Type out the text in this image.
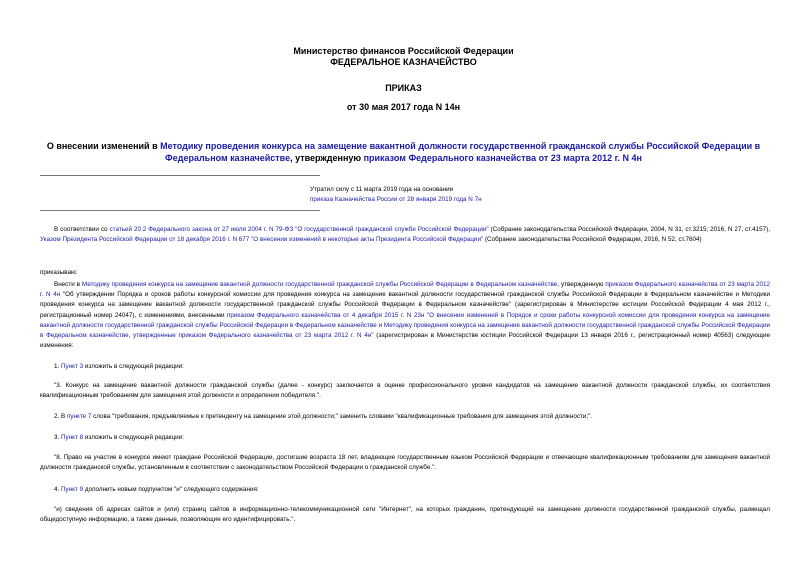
Министерство финансов Российской Федерации
ФЕДЕРАЛЬНОЕ КАЗНАЧЕЙСТВО
ПРИКАЗ
от 30 мая 2017 года N 14н
О внесении изменений в Методику проведения конкурса на замещение вакантной должности государственной гражданской службы Российской Федерации в Федеральном казначействе, утвержденную приказом Федерального казначейства от 23 марта 2012 г. N 4н
Утратил силу с 11 марта 2019 года на основании
приказа Казначейства России от 28 января 2019 года N 7н
В соответствии со статьей 20.2 Федерального закона от 27 июля 2004 г. N 79-ФЗ "О государственной гражданской службе Российской Федерации" (Собрание законодательства Российской Федерации, 2004, N 31, ст.3215; 2016, N 27, ст.4157), Указом Президента Российской Федерации от 18 декабря 2016 г. N 677 "О внесении изменений в некоторые акты Президента Российской Федерации" (Собрание законодательства Российской Федерации, 2016, N 52, ст.7604)
приказываю:
Внести в Методику проведения конкурса на замещение вакантной должности государственной гражданской службы Российской Федерации в Федеральном казначействе, утвержденную приказом Федерального казначейства от 23 марта 2012 г. N 4н "Об утверждении Порядка и сроков работы конкурсной комиссии для проведения конкурса на замещение вакантной должности государственной гражданской службы Российской Федерации в Федеральном казначействе и Методики проведения конкурса на замещение вакантной должности государственной гражданской службы Российской Федерации в Федеральном казначействе" (зарегистрирован в Министерстве юстиции Российской Федерации 4 мая 2012 г., регистрационный номер 24047), с изменениями, внесенными приказом Федерального казначейства от 4 декабря 2015 г. N 23н "О внесении изменений в Порядок и сроки работы конкурсной комиссии для проведения конкурса на замещение вакантной должности государственной гражданской службы Российской Федерации в Федеральном казначействе и Методику проведения конкурса на замещение вакантной должности государственной гражданской службы Российской Федерации в Федеральном казначействе, утвержденные приказом Федерального казначейства от 23 марта 2012 г. N 4н" (зарегистрирован в Министерстве юстиции Российской Федерации 13 января 2016 г., регистрационный номер 40563) следующие изменения:
1. Пункт 3 изложить в следующей редакции:
"3. Конкурс на замещение вакантной должности гражданской службы (далее - конкурс) заключается в оценке профессионального уровня кандидатов на замещение вакантной должности гражданской службы, их соответствия квалификационным требованиям для замещения этой должности и определении победителя.".
2. В пункте 7 слова "требования, предъявляемые к претенденту на замещение этой должности;" заменить словами "квалификационные требования для замещения этой должности;".
3. Пункт 8 изложить в следующей редакции:
"8. Право на участие в конкурсе имеют граждане Российской Федерации, достигшие возраста 18 лет, владеющие государственным языком Российской Федерации и отвечающие квалификационным требованиям для замещения вакантной должности гражданской службы, установленным в соответствии с законодательством Российской Федерации о гражданской службе.".
4. Пункт 9 дополнить новым подпунктом "и" следующего содержания:
"и) сведения об адресах сайтов и (или) страниц сайтов в информационно-телекоммуникационной сети "Интернет", на которых гражданин, претендующий на замещение должности государственной гражданской службы, размещал общедоступную информацию, а также данные, позволяющие его идентифицировать.".
